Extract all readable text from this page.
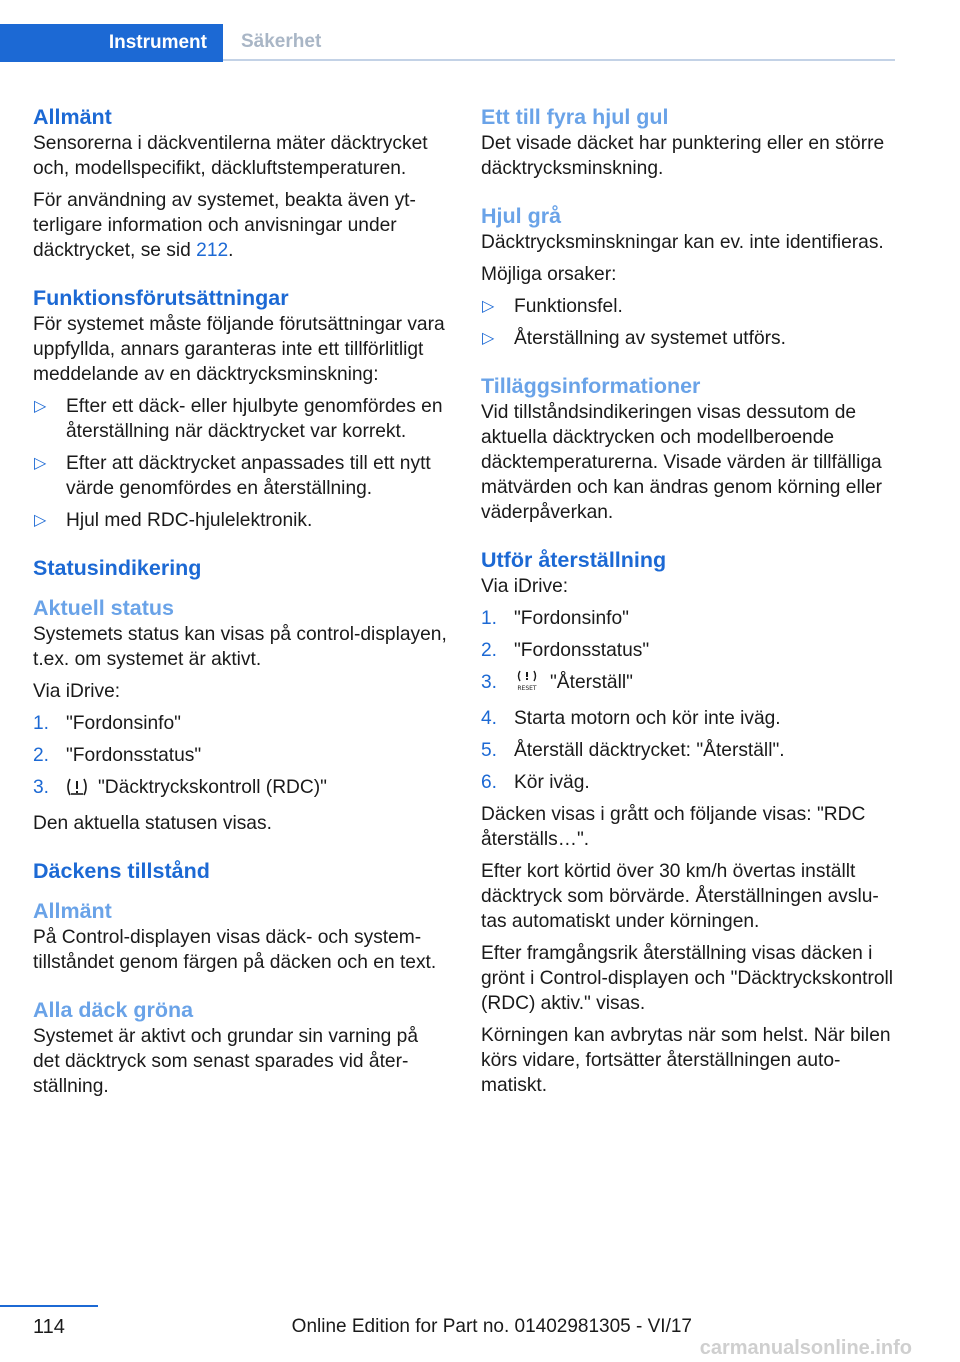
Instrument	Säkerhet
Allmänt

Sensorerna i däckventilerna mäter däcktrycket och, modellspecifikt, däckluftstemperaturen.

För användning av systemet, beakta även ytterligare information och anvisningar under däcktrycket, se sid 212.

Funktionsförutsättningar

För systemet måste följande förutsättningar vara uppfyllda, annars garanteras inte ett tillförlitligt meddelande av en däcktrycksminskning:

▷ Efter ett däck- eller hjulbyte genomfördes en återställning när däcktrycket var korrekt.
▷ Efter att däcktrycket anpassades till ett nytt värde genomfördes en återställning.
▷ Hjul med RDC-hjulelektronik.
Statusindikering
Aktuell status

Systemets status kan visas på control-displayen, t.ex. om systemet är aktivt.

Via iDrive:

1. "Fordonsinfo"
2. "Fordonsstatus"
3.	"Däcktryckskontroll (RDC)"

Den aktuella statusen visas.

Däckens tillstånd
Allmänt

På Control-displayen visas däck- och systemtillståndet genom färgen på däcken och en text.

Alla däck gröna

Systemet är aktivt och grundar sin varning på det däcktryck som senast sparades vid återställning.

Ett till fyra hjul gul

Det visade däcket har punktering eller en större däcktrycksminskning.

Hjul grå

Däcktrycksminskningar kan ev. inte identifieras.

Möjliga orsaker:

▷ Funktionsfel.
▷ Återställning av systemet utförs.
Tilläggsinformationer

Vid tillståndsindikeringen visas dessutom de aktuella däcktrycken och modellberoende däcktemperaturerna. Visade värden är tillfälliga mätvärden och kan ändras genom körning eller väderpåverkan.

Utför återställning

Via iDrive:

1. "Fordonsinfo"
2. "Fordonsstatus"
3.	RESET "Återställ"
4. Starta motorn och kör inte iväg.
5. Återställ däcktrycket: "Återställ".
6. Kör iväg.

Däcken visas i grått och följande visas: "RDC återställs…".

Efter kort körtid över 30 km/h övertas inställt däcktryck som börvärde. Återställningen avslutas automatiskt under körningen.

Efter framgångsrik återställning visas däcken i grönt i Control-displayen och "Däcktryckskontroll (RDC) aktiv." visas.

Körningen kan avbrytas när som helst. När bilen körs vidare, fortsätter återställningen automatiskt.

114	Online Edition for Part no. 01402981305 - VI/17
carmanualsonline.info
